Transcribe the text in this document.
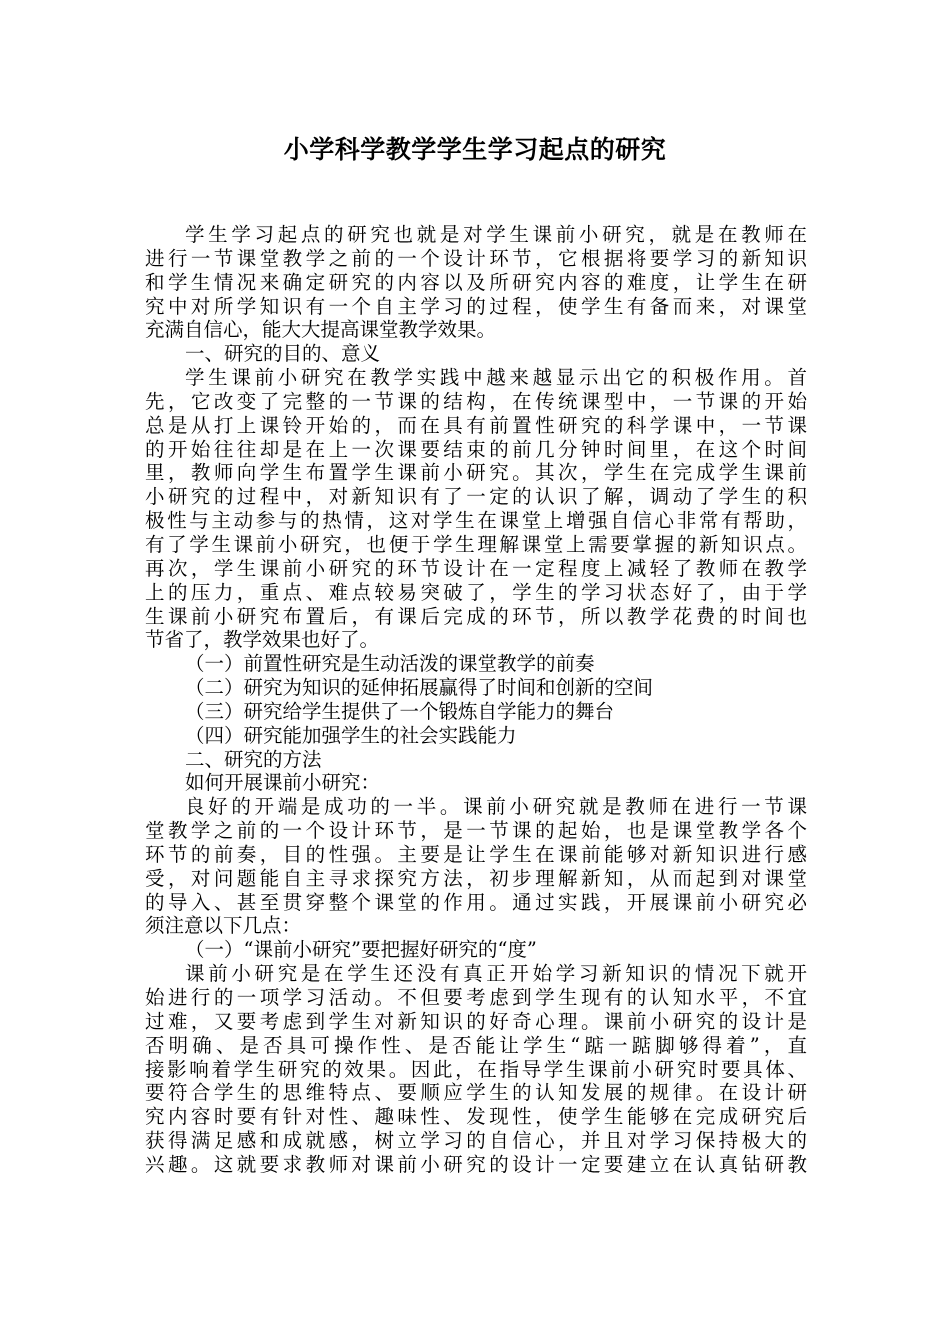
小学科学教学学生学习起点的研究
学生学习起点的研究也就是对学生课前小研究，就是在教师在
进行一节课堂教学之前的一个设计环节，它根据将要学习的新知识
和学生情况来确定研究的内容以及所研究内容的难度，让学生在研
究中对所学知识有一个自主学习的过程，使学生有备而来，对课堂
充满自信心，能大大提高课堂教学效果。
一、研究的目的、意义
学生课前小研究在教学实践中越来越显示出它的积极作用。首
先，它改变了完整的一节课的结构，在传统课型中，一节课的开始
总是从打上课铃开始的，而在具有前置性研究的科学课中，一节课
的开始往往却是在上一次课要结束的前几分钟时间里，在这个时间
里，教师向学生布置学生课前小研究。其次，学生在完成学生课前
小研究的过程中，对新知识有了一定的认识了解，调动了学生的积
极性与主动参与的热情，这对学生在课堂上增强自信心非常有帮助，
有了学生课前小研究，也便于学生理解课堂上需要掌握的新知识点。
再次，学生课前小研究的环节设计在一定程度上减轻了教师在教学
上的压力，重点、难点较易突破了，学生的学习状态好了，由于学
生课前小研究布置后，有课后完成的环节，所以教学花费的时间也
节省了，教学效果也好了。
（一）前置性研究是生动活泼的课堂教学的前奏
（二）研究为知识的延伸拓展赢得了时间和创新的空间
（三）研究给学生提供了一个锻炼自学能力的舞台
（四）研究能加强学生的社会实践能力
二、研究的方法
如何开展课前小研究：
良好的开端是成功的一半。课前小研究就是教师在进行一节课
堂教学之前的一个设计环节，是一节课的起始，也是课堂教学各个
环节的前奏，目的性强。主要是让学生在课前能够对新知识进行感
受，对问题能自主寻求探究方法，初步理解新知，从而起到对课堂
的导入、甚至贯穿整个课堂的作用。通过实践，开展课前小研究必
须注意以下几点：
（一）“课前小研究”要把握好研究的“度”
课前小研究是在学生还没有真正开始学习新知识的情况下就开
始进行的一项学习活动。不但要考虑到学生现有的认知水平，不宜
过难，又要考虑到学生对新知识的好奇心理。课前小研究的设计是
否明确、是否具可操作性、是否能让学生“踮一踮脚够得着”，直
接影响着学生研究的效果。因此，在指导学生课前小研究时要具体、
要符合学生的思维特点、要顺应学生的认知发展的规律。在设计研
究内容时要有针对性、趣味性、发现性，使学生能够在完成研究后
获得满足感和成就感，树立学习的自信心，并且对学习保持极大的
兴趣。这就要求教师对课前小研究的设计一定要建立在认真钻研教
